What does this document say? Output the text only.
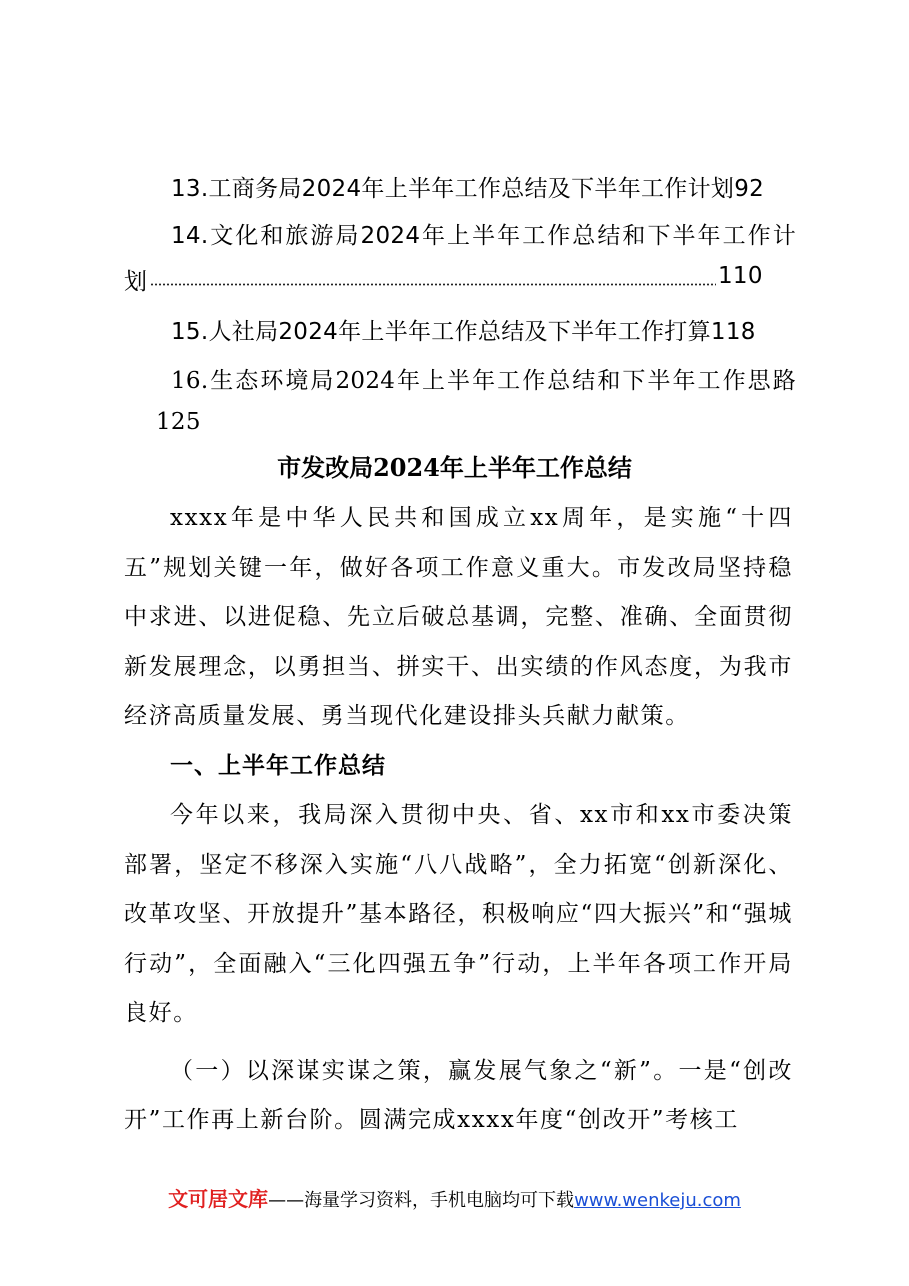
13.工商务局2024年上半年工作总结及下半年工作计划92
14.文化和旅游局2024年上半年工作总结和下半年工作计
划	110
15.人社局2024年上半年工作总结及下半年工作打算118
16.生态环境局2024年上半年工作总结和下半年工作思路
125
市发改局2024年上半年工作总结

xxxx年是中华人民共和国成立xx周年，是实施“十四五”规划关键一年，做好各项工作意义重大。市发改局坚持稳中求进、以进促稳、先立后破总基调，完整、准确、全面贯彻新发展理念，以勇担当、拼实干、出实绩的作风态度，为我市经济高质量发展、勇当现代化建设排头兵献力献策。

一、上半年工作总结

今年以来，我局深入贯彻中央、省、xx市和xx市委决策部署，坚定不移深入实施“八八战略”，全力拓宽“创新深化、改革攻坚、开放提升”基本路径，积极响应“四大振兴”和“强城行动”，全面融入“三化四强五争”行动，上半年各项工作开局良好。

（一）以深谋实谋之策，赢发展气象之“新”。一是“创改开”工作再上新台阶。圆满完成xxxx年度“创改开”考核工

文可居文库——海量学习资料，手机电脑均可下载www.wenkeju.com
